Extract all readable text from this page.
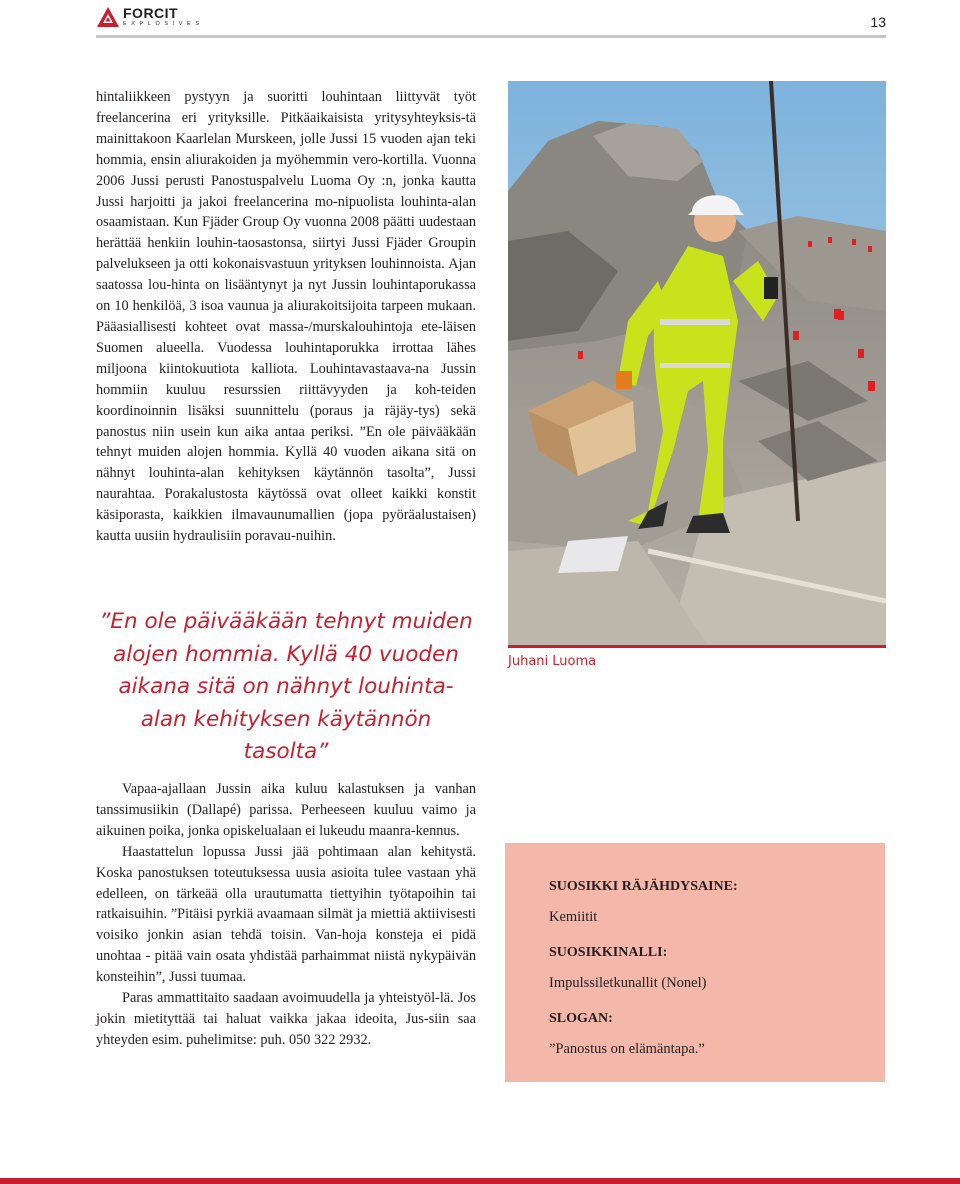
FORCIT
EXPLOSIVES	13

hintaliikkeen pystyyn ja suoritti louhintaan liittyvät työt freelancerina eri yrityksille. Pitkäaikaisista yritysyhteyksis-tä mainittakoon Kaarlelan Murskeen, jolle Jussi 15 vuoden ajan teki hommia, ensin aliurakoiden ja myöhemmin vero-kortilla. Vuonna 2006 Jussi perusti Panostuspalvelu Luoma Oy :n, jonka kautta Jussi harjoitti ja jakoi freelancerina mo-nipuolista louhinta-alan osaamistaan. Kun Fjäder Group Oy vuonna 2008 päätti uudestaan herättää henkiin louhin-taosastonsa, siirtyi Jussi Fjäder Groupin palvelukseen ja otti kokonaisvastuun yrityksen louhinnoista. Ajan saatossa lou-hinta on lisääntynyt ja nyt Jussin louhintaporukassa on 10 henkilöä, 3 isoa vaunua ja aliurakoitsijoita tarpeen mukaan. Pääasiallisesti kohteet ovat massa-/murskalouhintoja ete-läisen Suomen alueella. Vuodessa louhintaporukka irrottaa lähes miljoona kiintokuutiota kalliota. Louhintavastaava-na Jussin hommiin kuuluu resurssien riittävyyden ja koh-teiden koordinoinnin lisäksi suunnittelu (poraus ja räjäy-tys) sekä panostus niin usein kun aika antaa periksi. ”En ole päivääkään tehnyt muiden alojen hommia. Kyllä 40 vuoden aikana sitä on nähnyt louhinta-alan kehityksen käytännön tasolta”, Jussi naurahtaa. Porakalustosta käytössä ovat olleet kaikki konstit käsiporasta, kaikkien ilmavaunumallien (jopa pyöräalustaisen) kautta uusiin hydraulisiin poravau-nuihin.

”En ole päivääkään tehnyt muiden alojen hommia. Kyllä 40 vuoden aikana sitä on nähnyt louhinta-alan kehityksen käytännön tasolta”
Juhani Luoma

Vapaa-ajallaan Jussin aika kuluu kalastuksen ja vanhan tanssimusiikin (Dallapé) parissa. Perheeseen kuuluu vaimo ja aikuinen poika, jonka opiskelualaan ei lukeudu maanra-kennus.

Haastattelun lopussa Jussi jää pohtimaan alan kehitystä. Koska panostuksen toteutuksessa uusia asioita tulee vastaan yhä edelleen, on tärkeää olla urautumatta tiettyihin työtapoihin tai ratkaisuihin. ”Pitäisi pyrkiä avaamaan silmät ja miettiä aktiivisesti voisiko jonkin asian tehdä toisin. Van-hoja konsteja ei pidä unohtaa - pitää vain osata yhdistää parhaimmat niistä nykypäivän konsteihin”, Jussi tuumaa.

Paras ammattitaito saadaan avoimuudella ja yhteistyöl-lä. Jos jokin mietityttää tai haluat vaikka jakaa ideoita, Jus-siin saa yhteyden esim. puhelimitse: puh. 050 322 2932.

SUOSIKKI RÄJÄHDYSAINE:

Kemiitit

SUOSIKKINALLI:

Impulssiletkunallit (Nonel)

SLOGAN:

”Panostus on elämäntapa.”
